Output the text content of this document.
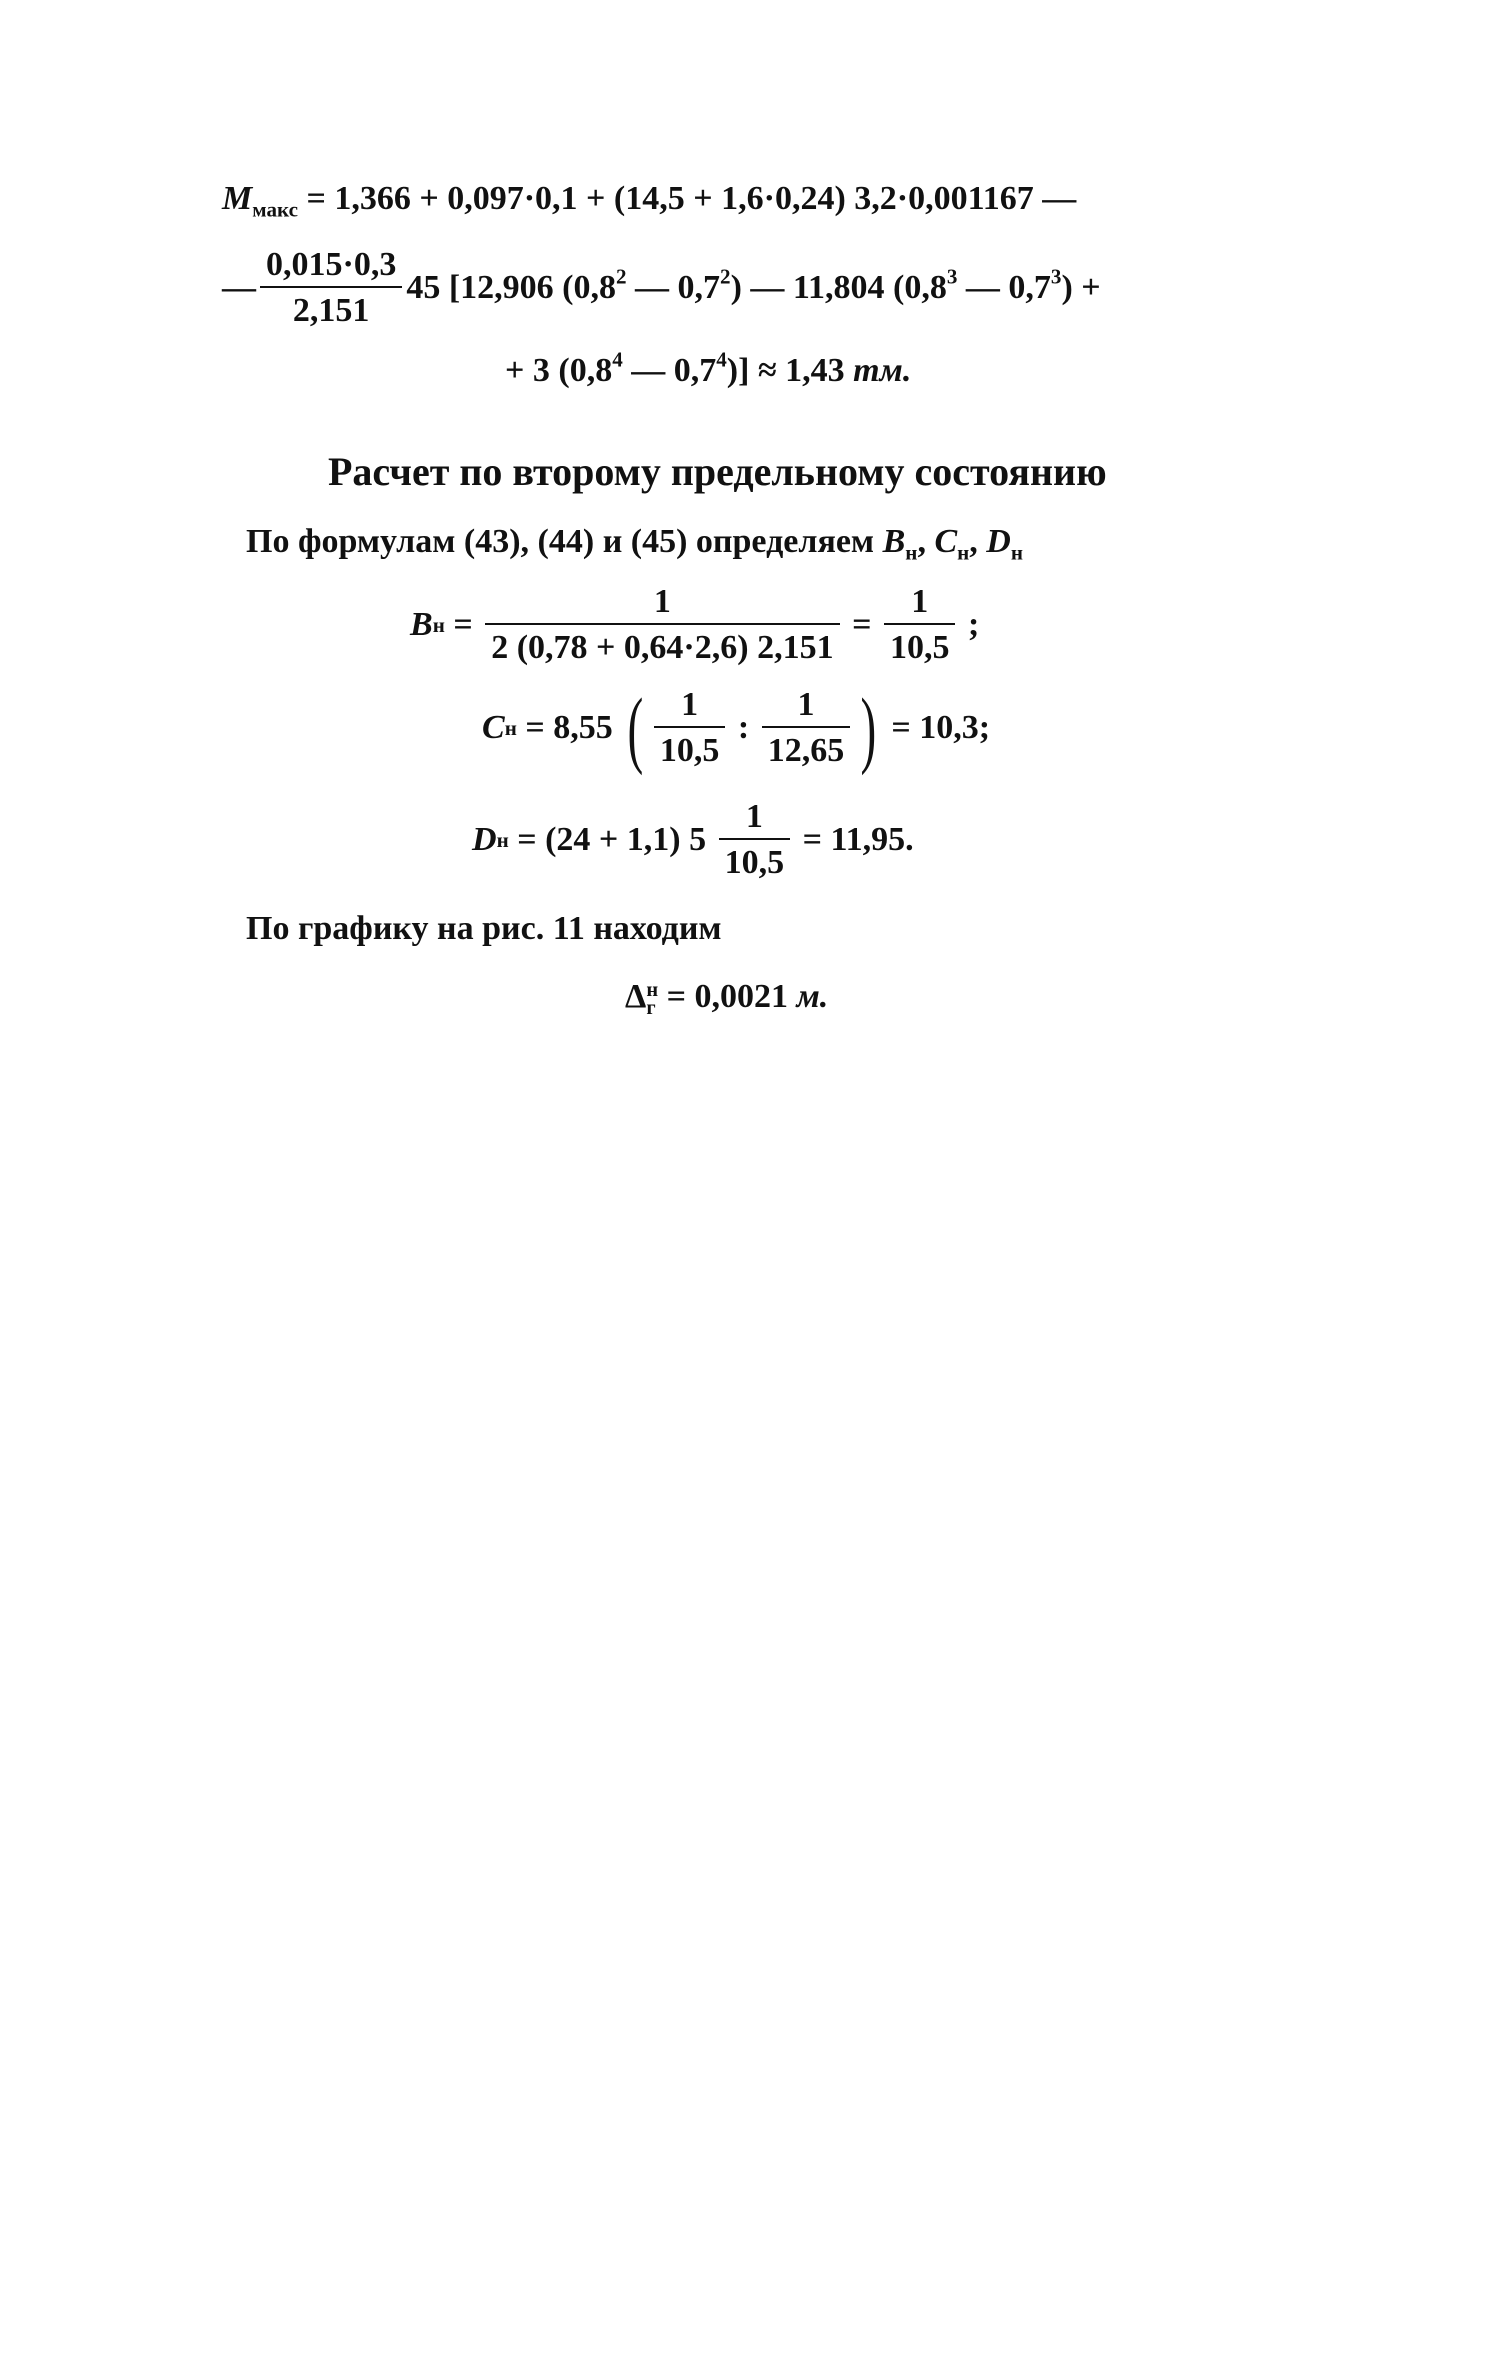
$M_{макс} = 1,366 + 0,097\cdot 0,1 + (14,5 + 1,6\cdot 0,24)$ 3,2·0,001167 —
— $\frac{0,015\cdot 0,3}{2,151} 45$ [12,906 ($0,8^2$ — $0,7^2$) — 11,804 ($0,8^3$ — $0,7^3$) +
+ 3 ($0,8^4$ — $0,7^4)] \approx 1,43$ тм.
Расчет по второму предельному состоянию
По формулам (43), (44) и (45) определяем $B_н$, $C_н$, $D_н$
B $н = \frac{1}{2 (0,78 + 0,64\cdot 2,6) 2,151} = \frac{1}{10,5}$ ;
C н = 8,55 ( $\frac{1}{10,5}$ : $\frac{1}{12,65}$ ) = 10,3;
D н = (24 + 1,1) $5 \frac{1}{10,5} = 11,95$.
По графику на рис. 11 находим
Δ н
г = 0,0021 м.
